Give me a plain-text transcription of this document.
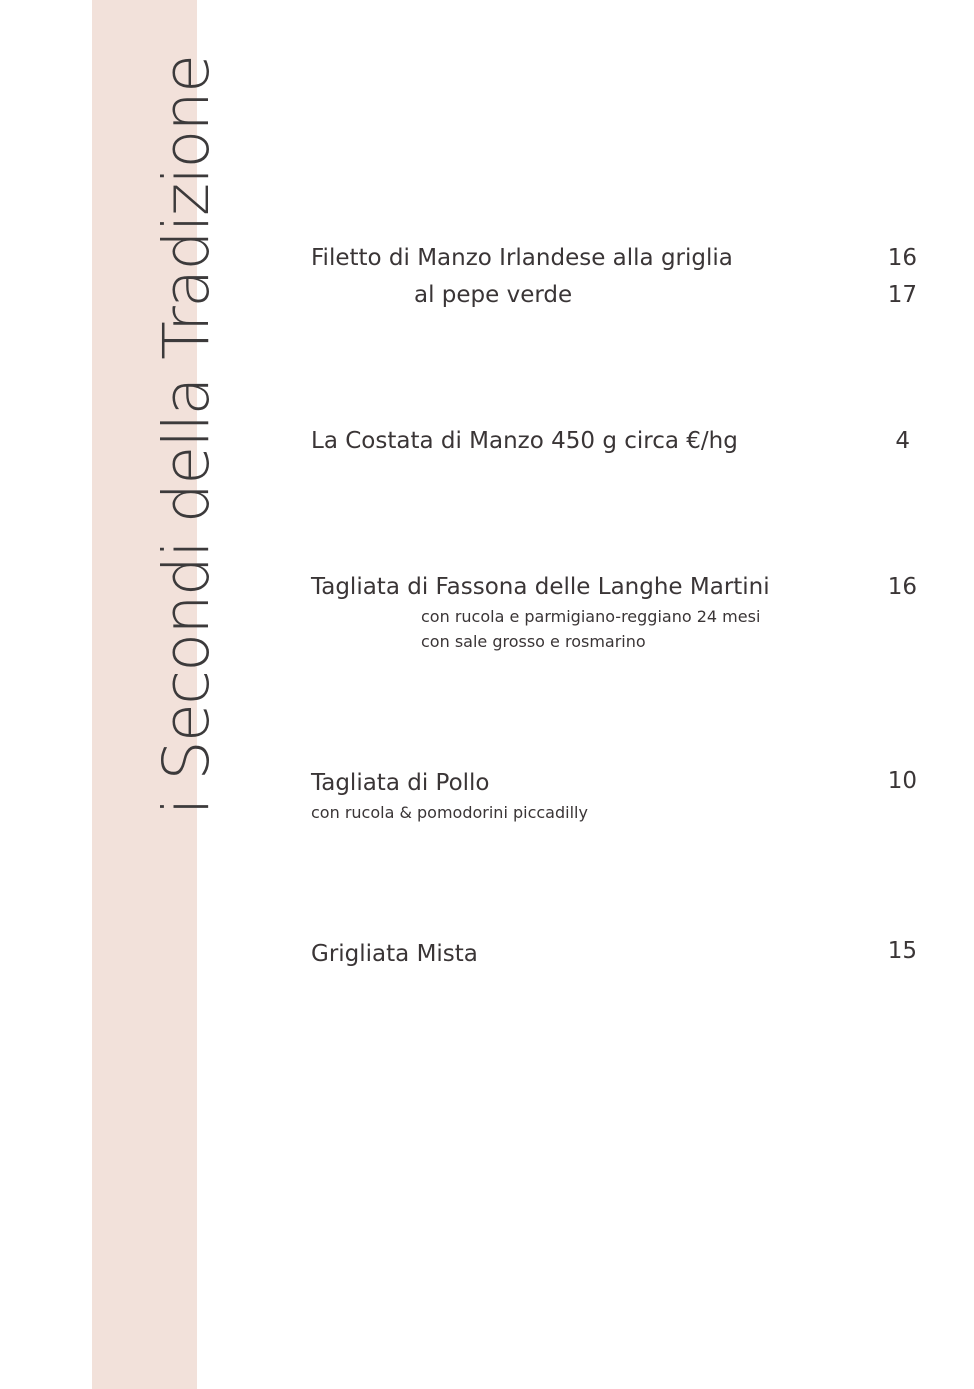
i Secondi della Tradizione	Filetto di Manzo Irlandese alla griglia	16
al pepe verde	17
La Costata di Manzo 450 g circa €/hg	4
Tagliata di Fassona delle Langhe Martini	16
con rucola e parmigiano-reggiano 24 mesi
con sale grosso e rosmarino
Tagliata di Pollo	10
con rucola & pomodorini piccadilly
Grigliata Mista	15
